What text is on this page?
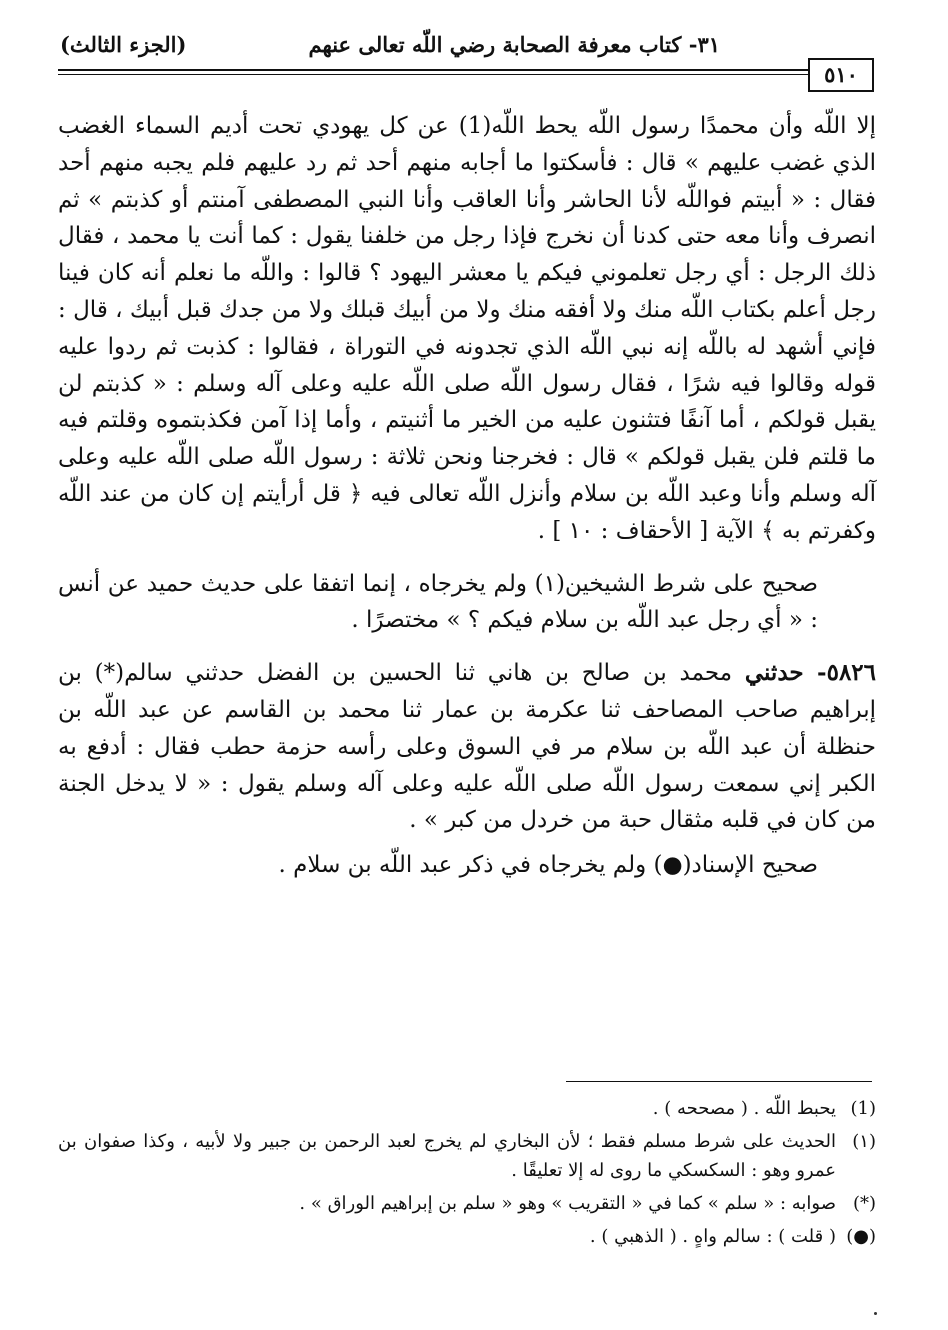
٣١- كتاب معرفة الصحابة رضي اللّه تعالى عنهم
(الجزء الثالث)
٥١٠

إلا اللّه وأن محمدًا رسول اللّه يحط اللّه(1) عن كل يهودي تحت أديم السماء الغضب الذي غضب عليهم » قال : فأسكتوا ما أجابه منهم أحد ثم رد عليهم فلم يجبه منهم أحد فقال : « أبيتم فواللّه لأنا الحاشر وأنا العاقب وأنا النبي المصطفى آمنتم أو كذبتم » ثم انصرف وأنا معه حتى كدنا أن نخرج فإذا رجل من خلفنا يقول : كما أنت يا محمد ، فقال ذلك الرجل : أي رجل تعلموني فيكم يا معشر اليهود ؟ قالوا : واللّه ما نعلم أنه كان فينا رجل أعلم بكتاب اللّه منك ولا أفقه منك ولا من أبيك قبلك ولا من جدك قبل أبيك ، قال : فإني أشهد له باللّه إنه نبي اللّه الذي تجدونه في التوراة ، فقالوا : كذبت ثم ردوا عليه قوله وقالوا فيه شرًا ، فقال رسول اللّه صلى اللّه عليه وعلى آله وسلم : « كذبتم لن يقبل قولكم ، أما آنفًا فتثنون عليه من الخير ما أثنيتم ، وأما إذا آمن فكذبتموه وقلتم فيه ما قلتم فلن يقبل قولكم » قال : فخرجنا ونحن ثلاثة : رسول اللّه صلى اللّه عليه وعلى آله وسلم وأنا وعبد اللّه بن سلام وأنزل اللّه تعالى فيه ﴿ قل أرأيتم إن كان من عند اللّه وكفرتم به ﴾ الآية [ الأحقاف : ١٠ ] .

صحيح على شرط الشيخين(١) ولم يخرجاه ، إنما اتفقا على حديث حميد عن أنس : « أي رجل عبد اللّه بن سلام فيكم ؟ » مختصرًا .

٥٨٢٦- حدثني محمد بن صالح بن هاني ثنا الحسين بن الفضل حدثني سالم(*) بن إبراهيم صاحب المصاحف ثنا عكرمة بن عمار ثنا محمد بن القاسم عن عبد اللّه بن حنظلة أن عبد اللّه بن سلام مر في السوق وعلى رأسه حزمة حطب فقال : أدفع به الكبر إني سمعت رسول اللّه صلى اللّه عليه وعلى آله وسلم يقول : « لا يدخل الجنة من كان في قلبه مثقال حبة من خردل من كبر » .

صحيح الإسناد(●) ولم يخرجاه في ذكر عبد اللّه بن سلام .

(1)
يحبط اللّه . ( مصححه ) .
(١)
الحديث على شرط مسلم فقط ؛ لأن البخاري لم يخرج لعبد الرحمن بن جبير ولا لأبيه ، وكذا صفوان بن عمرو وهو : السكسكي ما روى له إلا تعليقًا .
(*)
صوابه : « سلم » كما في « التقريب » وهو « سلم بن إبراهيم الوراق » .
(●)
( قلت ) : سالم واهٍ . ( الذهبي ) .
